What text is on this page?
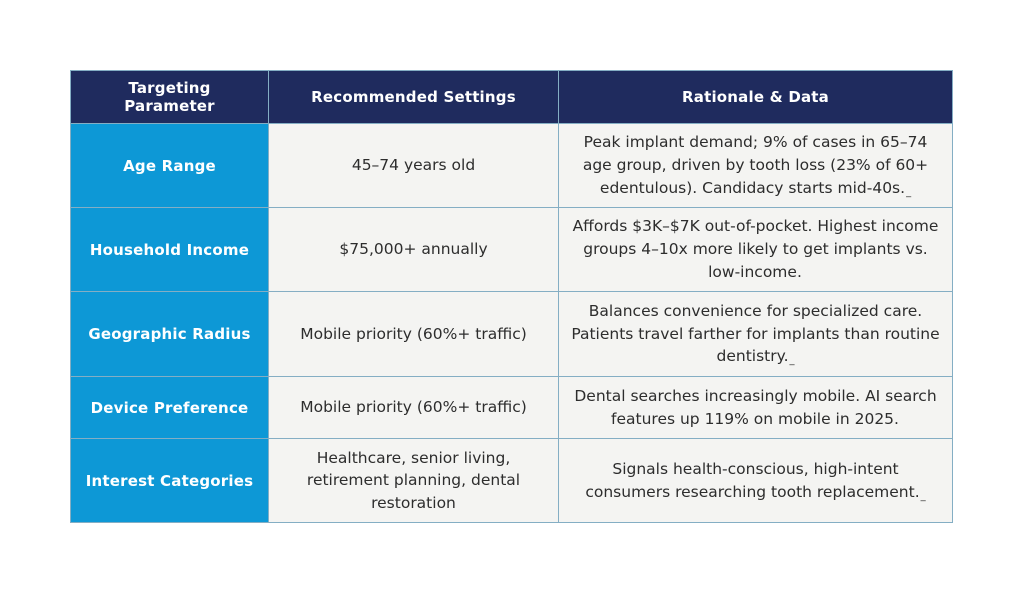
Targeting Parameter	Recommended Settings	Rationale & Data
Age Range	45–74 years old	Peak implant demand; 9% of cases in 65–74 age group, driven by tooth loss (23% of 60+ edentulous). Candidacy starts mid-40s._
Household Income	$75,000+ annually	Affords $3K–$7K out-of-pocket. Highest income groups 4–10x more likely to get implants vs. low-income.
Geographic Radius	Mobile priority (60%+ traffic)	Balances convenience for specialized care. Patients travel farther for implants than routine dentistry._
Device Preference	Mobile priority (60%+ traffic)	Dental searches increasingly mobile. AI search features up 119% on mobile in 2025.
Interest Categories	Healthcare, senior living, retirement planning, dental restoration	Signals health-conscious, high-intent consumers researching tooth replacement._
